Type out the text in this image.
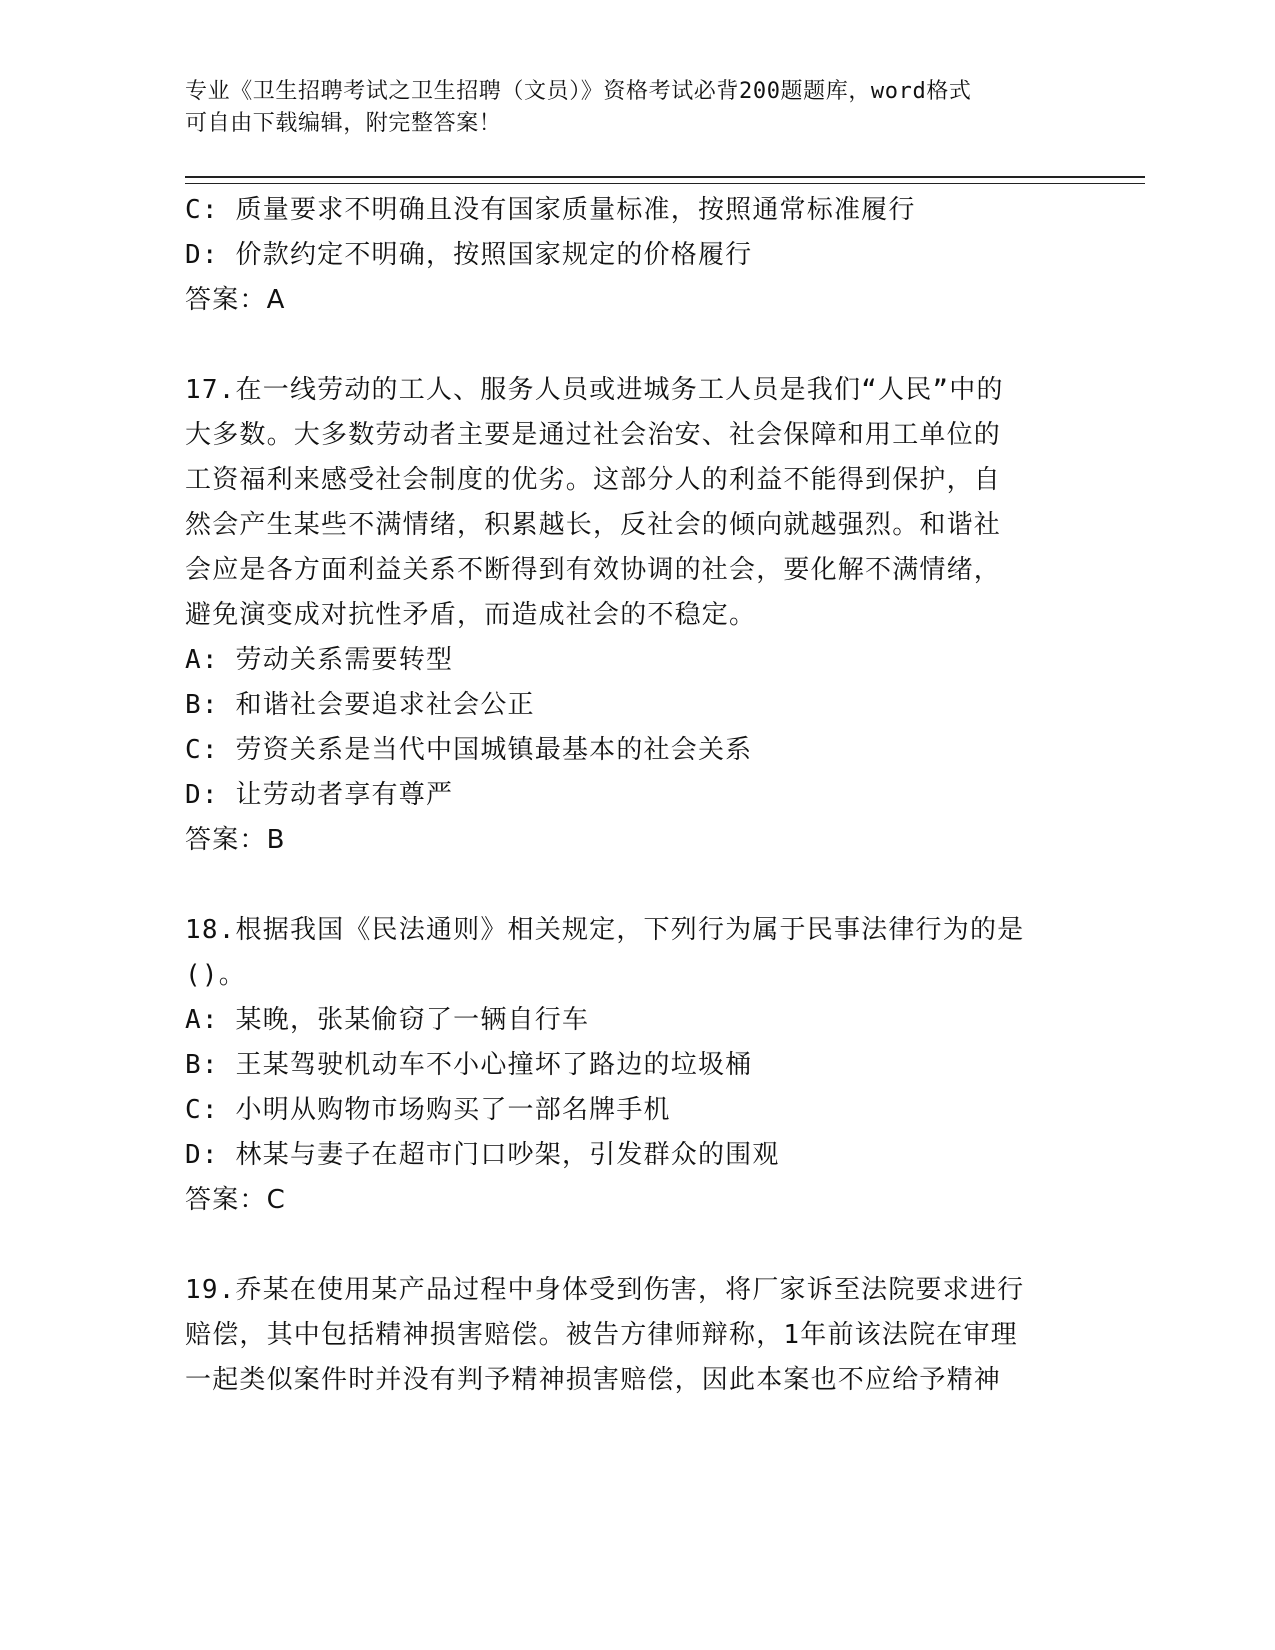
专业《卫生招聘考试之卫生招聘（文员）》资格考试必背200题题库，word格式
可自由下载编辑，附完整答案！
C: 质量要求不明确且没有国家质量标准，按照通常标准履行
D: 价款约定不明确，按照国家规定的价格履行
答案：A
17.在一线劳动的工人、服务人员或进城务工人员是我们“人民”中的
大多数。大多数劳动者主要是通过社会治安、社会保障和用工单位的
工资福利来感受社会制度的优劣。这部分人的利益不能得到保护，自
然会产生某些不满情绪，积累越长，反社会的倾向就越强烈。和谐社
会应是各方面利益关系不断得到有效协调的社会，要化解不满情绪，
避免演变成对抗性矛盾，而造成社会的不稳定。
A: 劳动关系需要转型
B: 和谐社会要追求社会公正
C: 劳资关系是当代中国城镇最基本的社会关系
D: 让劳动者享有尊严
答案：B
18.根据我国《民法通则》相关规定，下列行为属于民事法律行为的是
()。
A: 某晚，张某偷窃了一辆自行车
B: 王某驾驶机动车不小心撞坏了路边的垃圾桶
C: 小明从购物市场购买了一部名牌手机
D: 林某与妻子在超市门口吵架，引发群众的围观
答案：C
19.乔某在使用某产品过程中身体受到伤害，将厂家诉至法院要求进行
赔偿，其中包括精神损害赔偿。被告方律师辩称，1年前该法院在审理
一起类似案件时并没有判予精神损害赔偿，因此本案也不应给予精神
